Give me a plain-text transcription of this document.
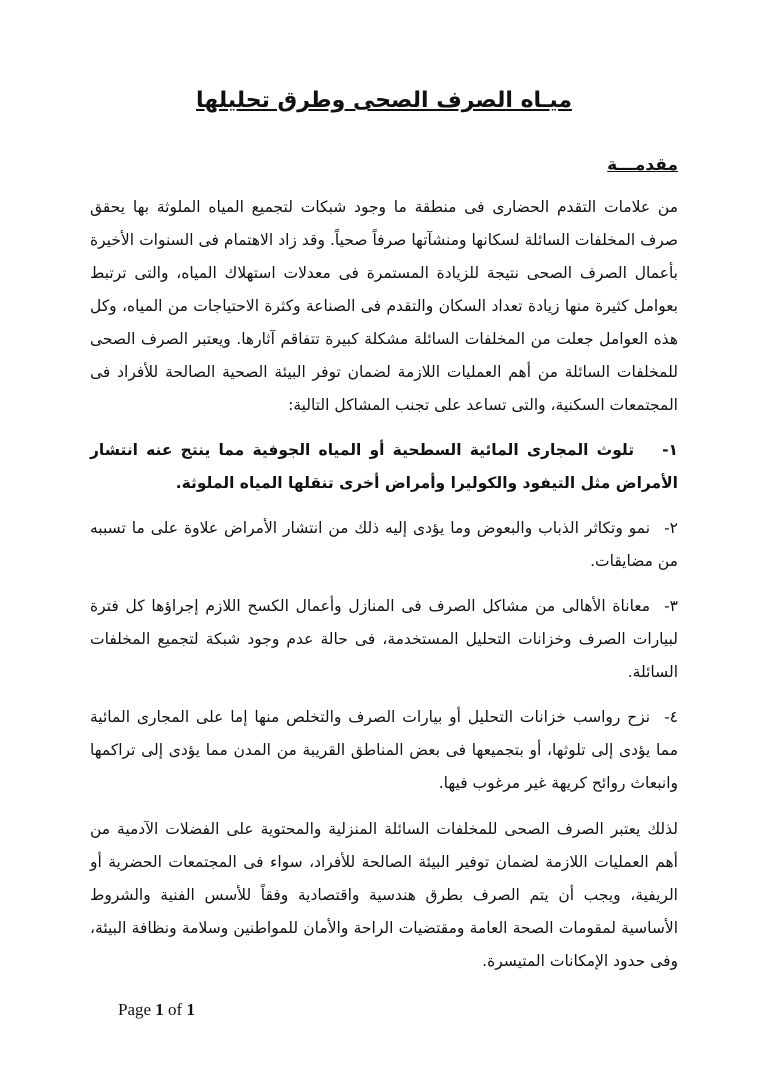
ميـاه الصرف الصحى وطرق تحليلها
مقدمـــة

من علامات التقدم الحضارى فى منطقة ما وجود شبكات لتجميع المياه الملوثة بها يحقق صرف المخلفات السائلة لسكانها ومنشآتها صرفاً صحياً. وقد زاد الاهتمام فى السنوات الأخيرة بأعمال الصرف الصحى نتيجة للزيادة المستمرة فى معدلات استهلاك المياه، والتى ترتبط بعوامل كثيرة منها زيادة تعداد السكان والتقدم فى الصناعة وكثرة الاحتياجات من المياه، وكل هذه العوامل جعلت من المخلفات السائلة مشكلة كبيرة تتفاقم آثارها. ويعتبر الصرف الصحى للمخلفات السائلة من أهم العمليات اللازمة لضمان توفر البيئة الصحية الصالحة للأفراد فى المجتمعات السكنية، والتى تساعد على تجنب المشاكل التالية:

١-تلوث المجارى المائية السطحية أو المياه الجوفية مما ينتج عنه انتشار الأمراض مثل التيفود والكوليرا وأمراض أخرى تنقلها المياه الملوثة.
٢-نمو وتكاثر الذباب والبعوض وما يؤدى إليه ذلك من انتشار الأمراض علاوة على ما تسببه من مضايقات.
٣-معاناة الأهالى من مشاكل الصرف فى المنازل وأعمال الكسح اللازم إجراؤها كل فترة لبيارات الصرف وخزانات التحليل المستخدمة، فى حالة عدم وجود شبكة لتجميع المخلفات السائلة.
٤-نزح رواسب خزانات التحليل أو بيارات الصرف والتخلص منها إما على المجارى المائية مما يؤدى إلى تلوثها، أو بتجميعها فى بعض المناطق القريبة من المدن مما يؤدى إلى تراكمها وانبعاث روائح كريهة غير مرغوب فيها.

لذلك يعتبر الصرف الصحى للمخلفات السائلة المنزلية والمحتوية على الفضلات الآدمية من أهم العمليات اللازمة لضمان توفير البيئة الصالحة للأفراد، سواء فى المجتمعات الحضرية أو الريفية، ويجب أن يتم الصرف بطرق هندسية واقتصادية وفقاً للأسس الفنية والشروط الأساسية لمقومات الصحة العامة ومقتضيات الراحة والأمان للمواطنين وسلامة ونظافة البيئة، وفى حدود الإمكانات المتيسرة.

Page 1 of 1
